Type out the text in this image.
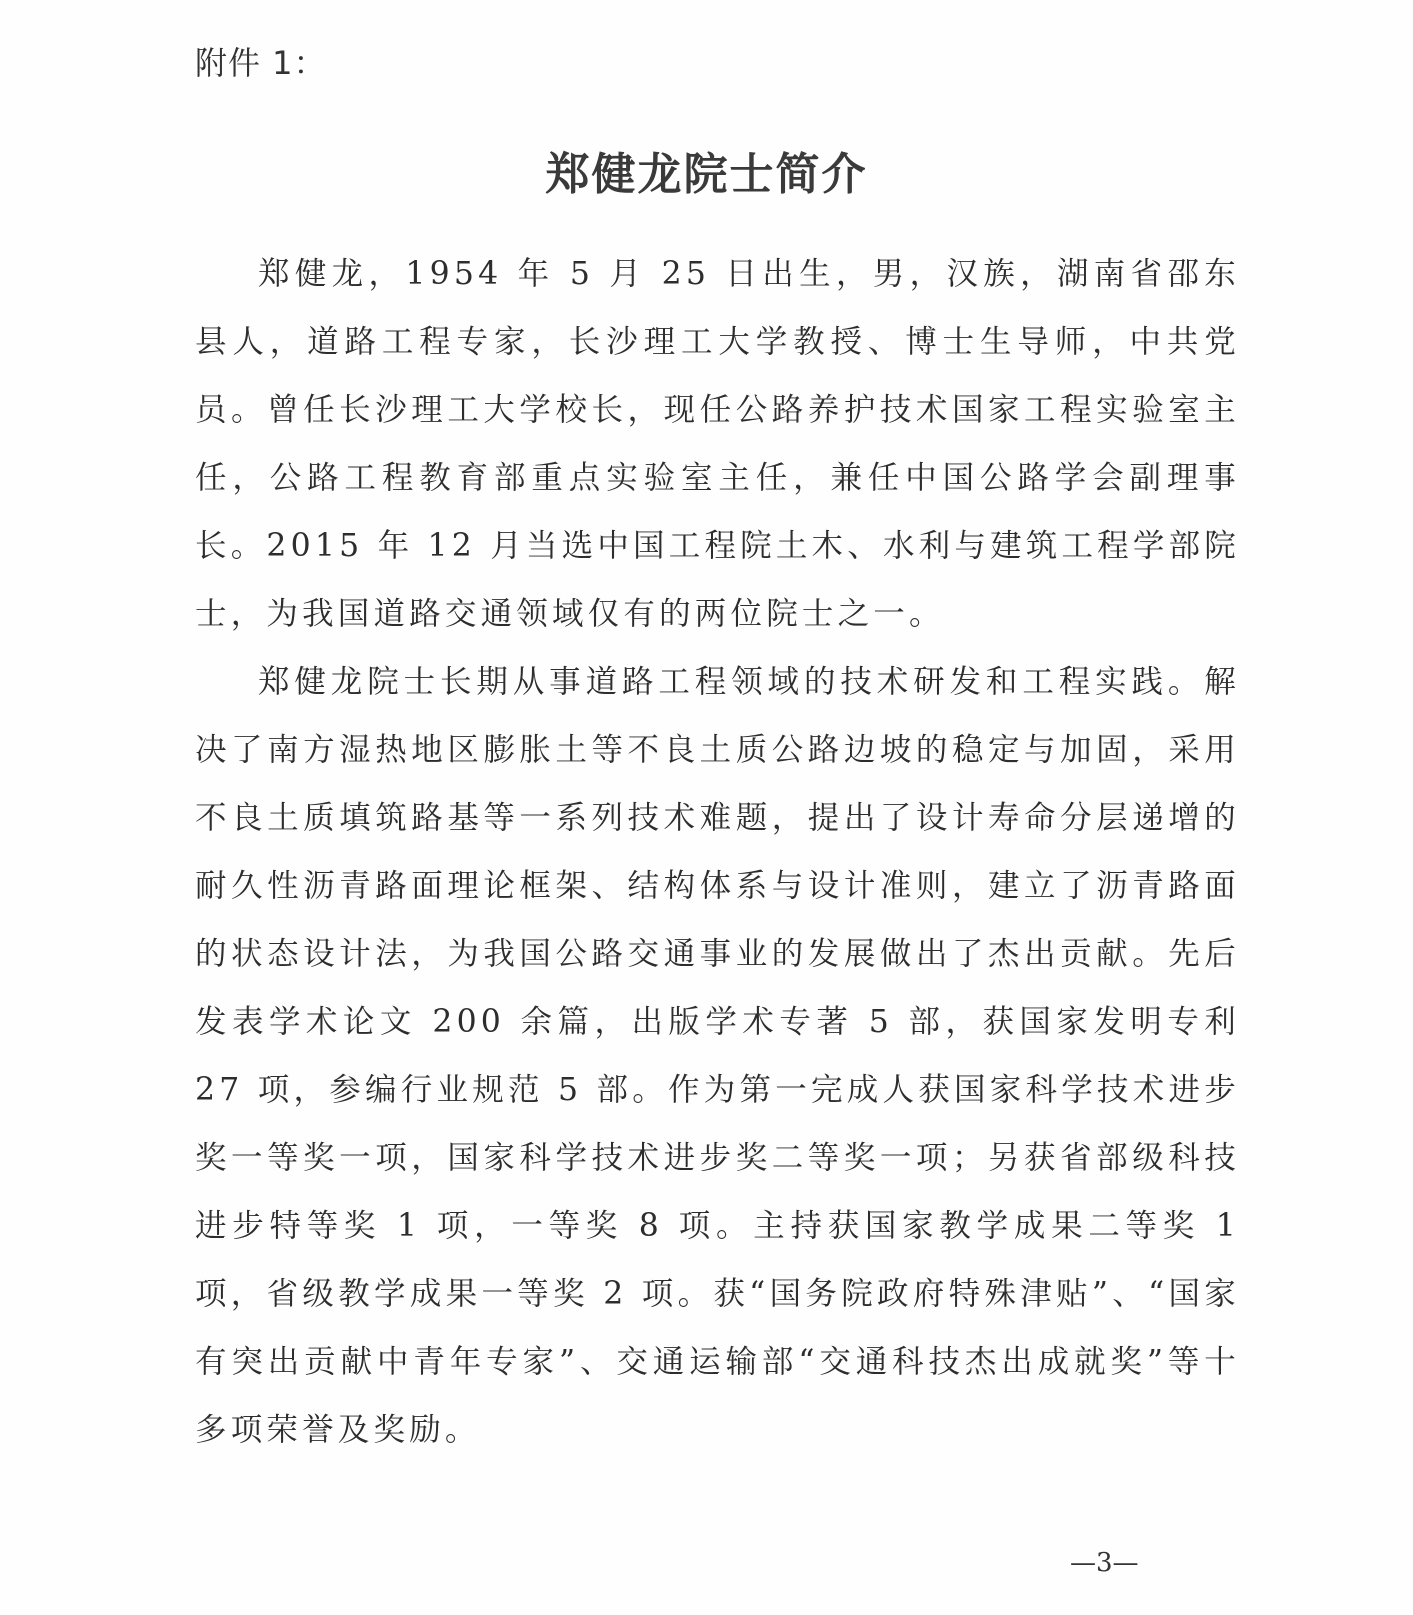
附件 1：
郑健龙院士简介

郑健龙，1954 年 5 月 25 日出生，男，汉族，湖南省邵东县人，道路工程专家，长沙理工大学教授、博士生导师，中共党员。曾任长沙理工大学校长，现任公路养护技术国家工程实验室主任，公路工程教育部重点实验室主任，兼任中国公路学会副理事长。2015 年 12 月当选中国工程院土木、水利与建筑工程学部院士，为我国道路交通领域仅有的两位院士之一。

郑健龙院士长期从事道路工程领域的技术研发和工程实践。解决了南方湿热地区膨胀土等不良土质公路边坡的稳定与加固，采用不良土质填筑路基等一系列技术难题，提出了设计寿命分层递增的耐久性沥青路面理论框架、结构体系与设计准则，建立了沥青路面的状态设计法，为我国公路交通事业的发展做出了杰出贡献。先后发表学术论文 200 余篇，出版学术专著 5 部，获国家发明专利 27 项，参编行业规范 5 部。作为第一完成人获国家科学技术进步奖一等奖一项，国家科学技术进步奖二等奖一项；另获省部级科技进步特等奖 1 项，一等奖 8 项。主持获国家教学成果二等奖 1 项，省级教学成果一等奖 2 项。获“国务院政府特殊津贴”、“国家有突出贡献中青年专家”、交通运输部“交通科技杰出成就奖”等十多项荣誉及奖励。

—3—
